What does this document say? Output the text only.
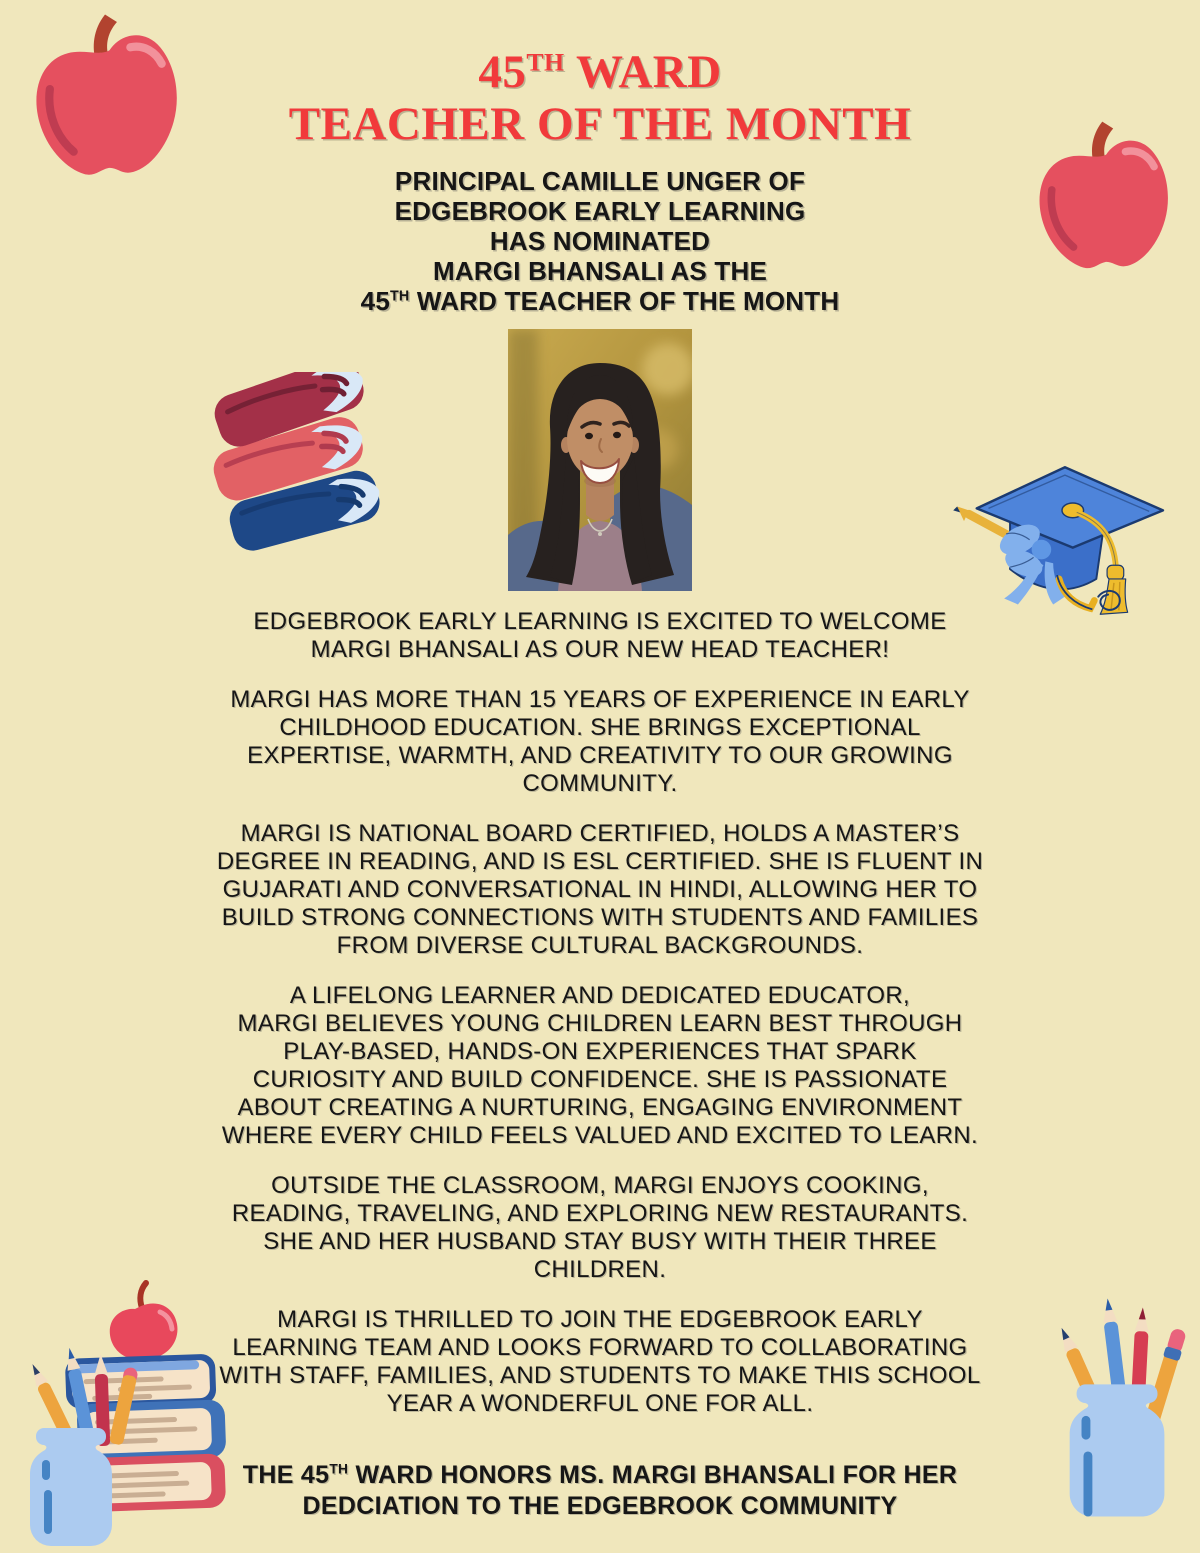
45TH WARD
TEACHER OF THE MONTH
PRINCIPAL CAMILLE UNGER OF
EDGEBROOK EARLY LEARNING
HAS NOMINATED
MARGI BHANSALI AS THE
45TH WARD TEACHER OF THE MONTH

EDGEBROOK EARLY LEARNING IS EXCITED TO WELCOME
MARGI BHANSALI AS OUR NEW HEAD TEACHER!

MARGI HAS MORE THAN 15 YEARS OF EXPERIENCE IN EARLY
CHILDHOOD EDUCATION. SHE BRINGS EXCEPTIONAL
EXPERTISE, WARMTH, AND CREATIVITY TO OUR GROWING
COMMUNITY.

MARGI IS NATIONAL BOARD CERTIFIED, HOLDS A MASTER’S
DEGREE IN READING, AND IS ESL CERTIFIED. SHE IS FLUENT IN
GUJARATI AND CONVERSATIONAL IN HINDI, ALLOWING HER TO
BUILD STRONG CONNECTIONS WITH STUDENTS AND FAMILIES
FROM DIVERSE CULTURAL BACKGROUNDS.

A LIFELONG LEARNER AND DEDICATED EDUCATOR,
MARGI BELIEVES YOUNG CHILDREN LEARN BEST THROUGH
PLAY-BASED, HANDS-ON EXPERIENCES THAT SPARK
CURIOSITY AND BUILD CONFIDENCE. SHE IS PASSIONATE
ABOUT CREATING A NURTURING, ENGAGING ENVIRONMENT
WHERE EVERY CHILD FEELS VALUED AND EXCITED TO LEARN.

OUTSIDE THE CLASSROOM, MARGI ENJOYS COOKING,
READING, TRAVELING, AND EXPLORING NEW RESTAURANTS.
SHE AND HER HUSBAND STAY BUSY WITH THEIR THREE
CHILDREN.

MARGI IS THRILLED TO JOIN THE EDGEBROOK EARLY
LEARNING TEAM AND LOOKS FORWARD TO COLLABORATING
WITH STAFF, FAMILIES, AND STUDENTS TO MAKE THIS SCHOOL
YEAR A WONDERFUL ONE FOR ALL.

THE 45TH WARD HONORS MS. MARGI BHANSALI FOR HER
DEDCIATION TO THE EDGEBROOK COMMUNITY
